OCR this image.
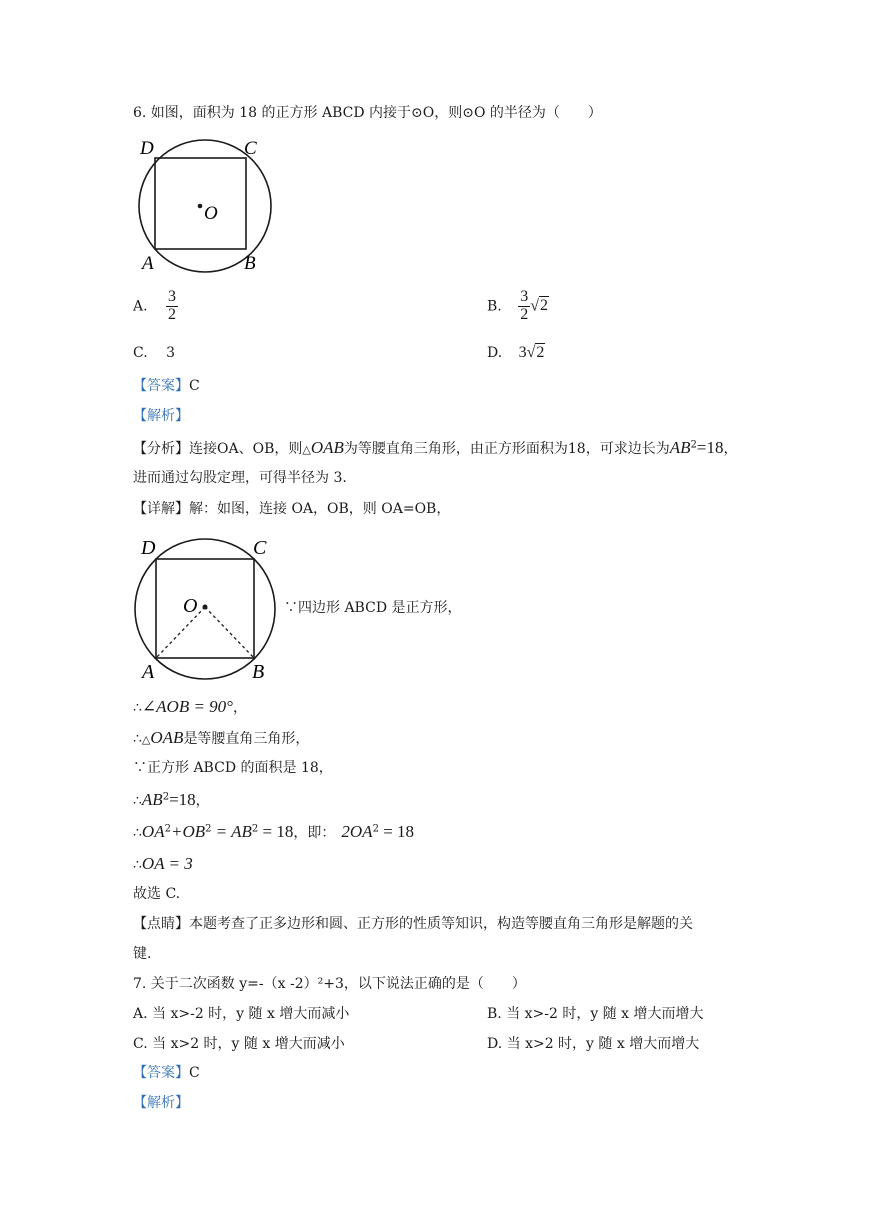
6. 如图，面积为 18 的正方形 ABCD 内接于⊙O，则⊙O 的半径为（　　）
D	C
O
A	B
A. $\frac{3}{2}$	B. $\frac{3}{2} √2$
C. 3	D. 3√2
【答案】C
【解析】
【分析】连接OA、OB，则△OAB为等腰直角三角形，由正方形面积为18，可求边长为$AB^2=18$，
进而通过勾股定理，可得半径为 3.
【详解】解：如图，连接 OA，OB，则 OA=OB，
D	C
O
A	B
∵四边形 ABCD 是正方形，
∴∠AOB = 90°，
∴△OAB是等腰直角三角形，
∵正方形 ABCD 的面积是 18，
$\therefore AB^2=18$，
$\therefore OA^2+OB^2 = AB^2 = 18$，即： $2OA^2 = 18$
∴OA = 3
故选 C.
【点睛】本题考查了正多边形和圆、正方形的性质等知识，构造等腰直角三角形是解题的关
键.
7. 关于二次函数 y=-（x -2）²+3，以下说法正确的是（　　）
A. 当 x>-2 时，y 随 x 增大而减小	B. 当 x>-2 时，y 随 x 增大而增大
C. 当 x>2 时，y 随 x 增大而减小	D. 当 x>2 时，y 随 x 增大而增大
【答案】C
【解析】
